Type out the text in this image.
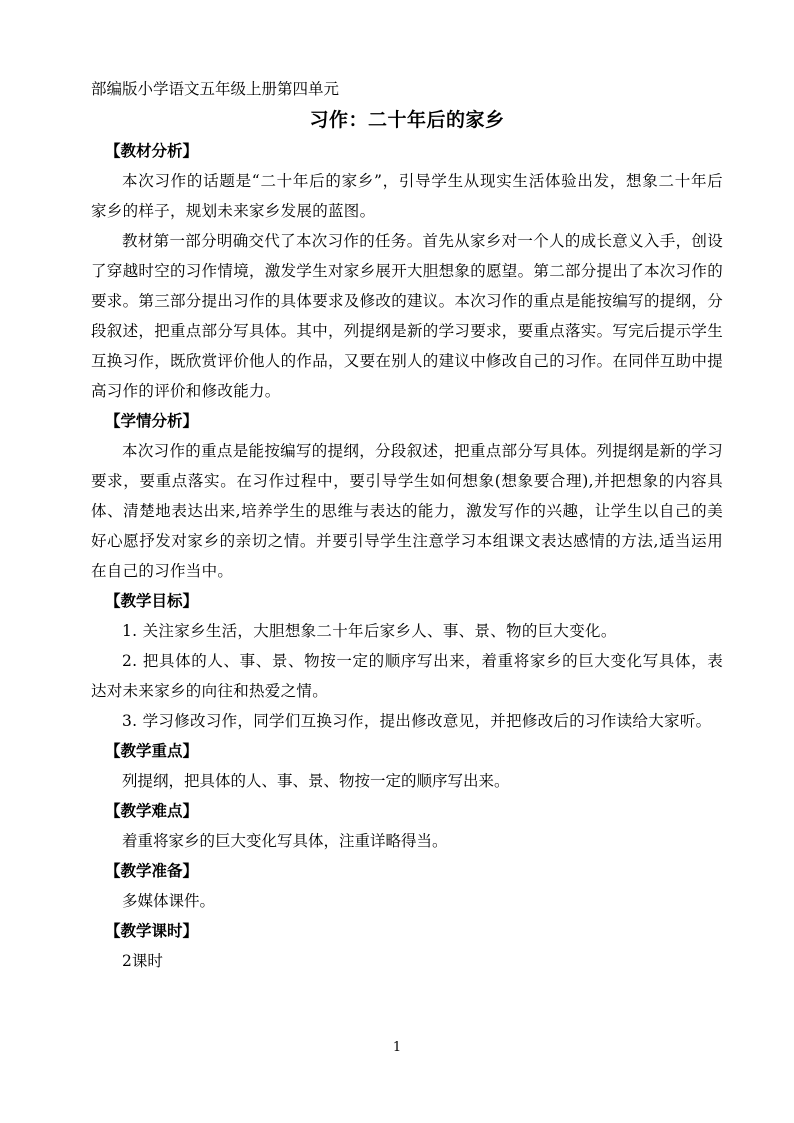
部编版小学语文五年级上册第四单元

习作：二十年后的家乡

【教材分析】

本次习作的话题是“二十年后的家乡”，引导学生从现实生活体验出发，想象二十年后家乡的样子，规划未来家乡发展的蓝图。

教材第一部分明确交代了本次习作的任务。首先从家乡对一个人的成长意义入手，创设了穿越时空的习作情境，激发学生对家乡展开大胆想象的愿望。第二部分提出了本次习作的要求。第三部分提出习作的具体要求及修改的建议。本次习作的重点是能按编写的提纲，分段叙述，把重点部分写具体。其中，列提纲是新的学习要求，要重点落实。写完后提示学生互换习作，既欣赏评价他人的作品，又要在别人的建议中修改自己的习作。在同伴互助中提高习作的评价和修改能力。

【学情分析】

本次习作的重点是能按编写的提纲，分段叙述，把重点部分写具体。列提纲是新的学习要求，要重点落实。在习作过程中，要引导学生如何想象(想象要合理),并把想象的内容具体、清楚地表达出来,培养学生的思维与表达的能力，激发写作的兴趣，让学生以自己的美好心愿抒发对家乡的亲切之情。并要引导学生注意学习本组课文表达感情的方法,适当运用在自己的习作当中。

【教学目标】

1. 关注家乡生活，大胆想象二十年后家乡人、事、景、物的巨大变化。

2. 把具体的人、事、景、物按一定的顺序写出来，着重将家乡的巨大变化写具体，表达对未来家乡的向往和热爱之情。

3. 学习修改习作，同学们互换习作，提出修改意见，并把修改后的习作读给大家听。

【教学重点】

列提纲，把具体的人、事、景、物按一定的顺序写出来。

【教学难点】

着重将家乡的巨大变化写具体，注重详略得当。

【教学准备】

多媒体课件。

【教学课时】

2课时

1
